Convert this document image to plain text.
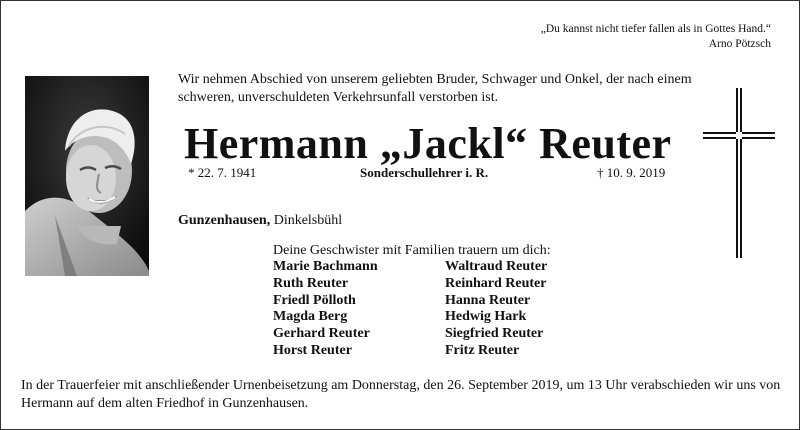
„Du kannst nicht tiefer fallen als in Gottes Hand.“
Arno Pötzsch
Wir nehmen Abschied von unserem geliebten Bruder, Schwager und Onkel, der nach einem schweren, unverschuldeten Verkehrsunfall verstorben ist.
Hermann „Jackl“ Reuter
* 22. 7. 1941	Sonderschullehrer i. R.	† 10. 9. 2019
Gunzenhausen, Dinkelsbühl
Deine Geschwister mit Familien trauern um dich:
Marie Bachmann
Ruth Reuter
Friedl Pölloth
Magda Berg
Gerhard Reuter
Horst Reuter
Waltraud Reuter
Reinhard Reuter
Hanna Reuter
Hedwig Hark
Siegfried Reuter
Fritz Reuter
In der Trauerfeier mit anschließender Urnenbeisetzung am Donnerstag, den 26. September 2019, um 13 Uhr verabschieden wir uns von Hermann auf dem alten Friedhof in Gunzenhausen.
